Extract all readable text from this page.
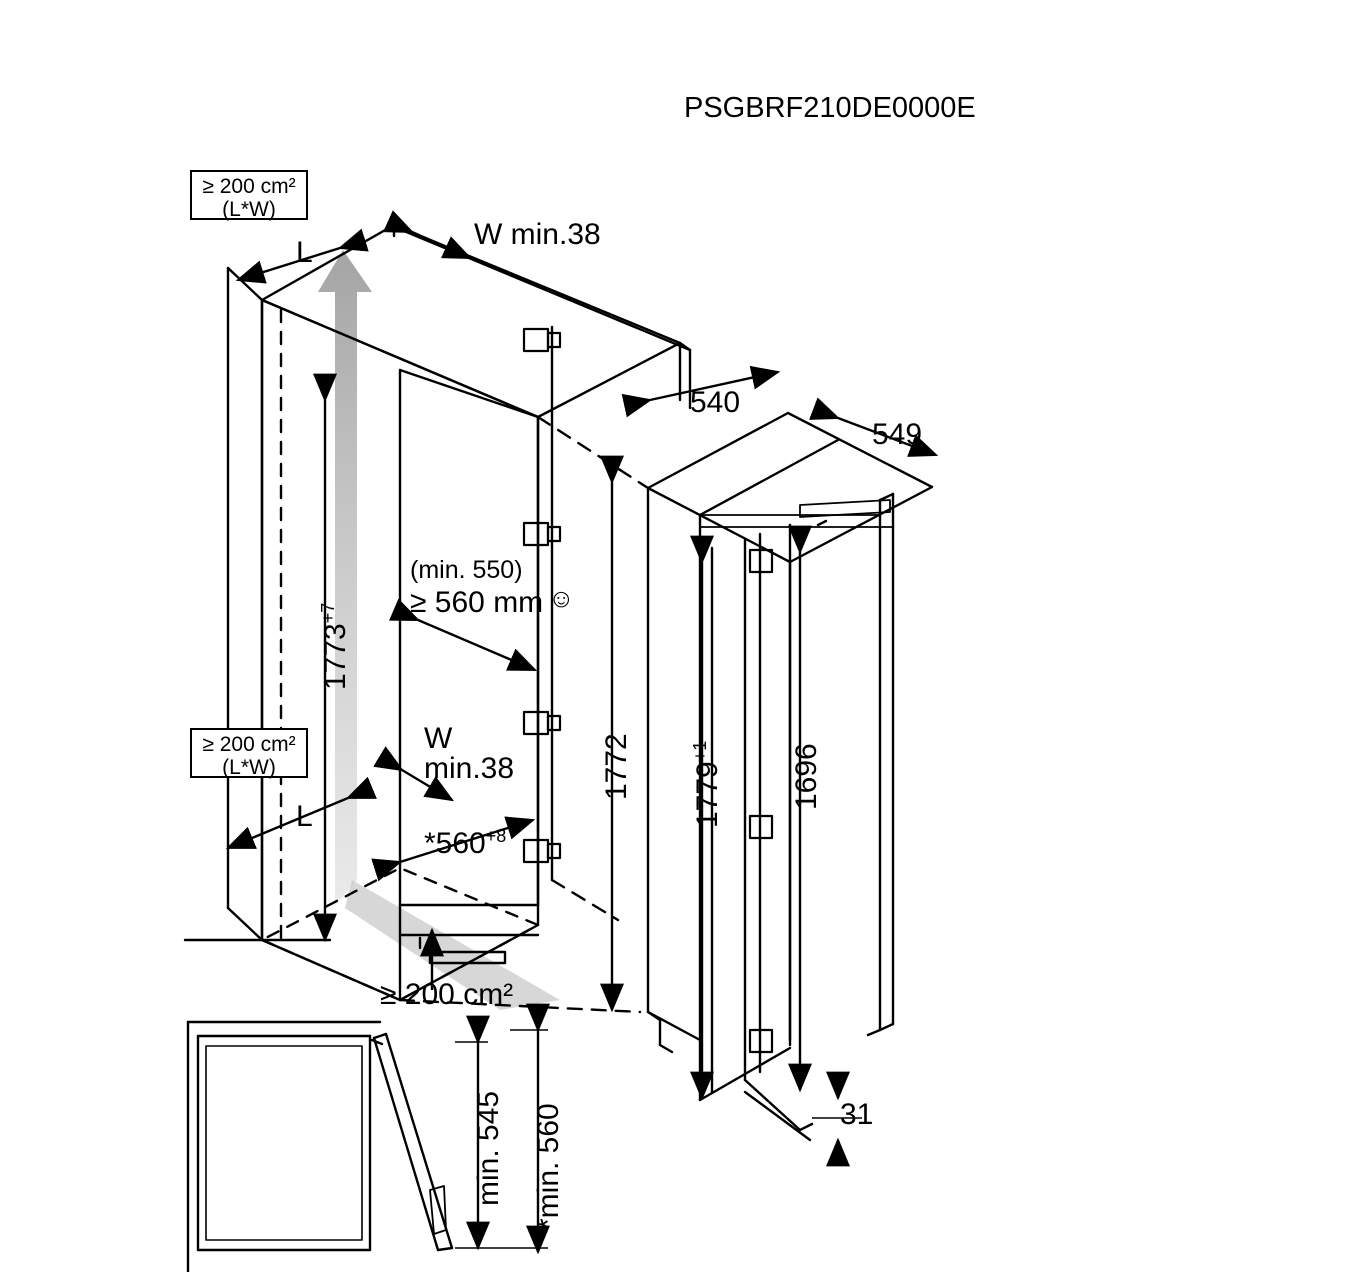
PSGBRF210DE0000E
≥ 200 cm²
(L*W)
≥ 200 cm²
(L*W)
L
W min.38
L
W
min.38
(min. 550)
≥ 560 mm ☺
≥ 200 cm²
$1773^{+7}$
$*560^{+8}$
1772
540
549
$1779^{+1}$	1696
31
min. 545 *min. 560
